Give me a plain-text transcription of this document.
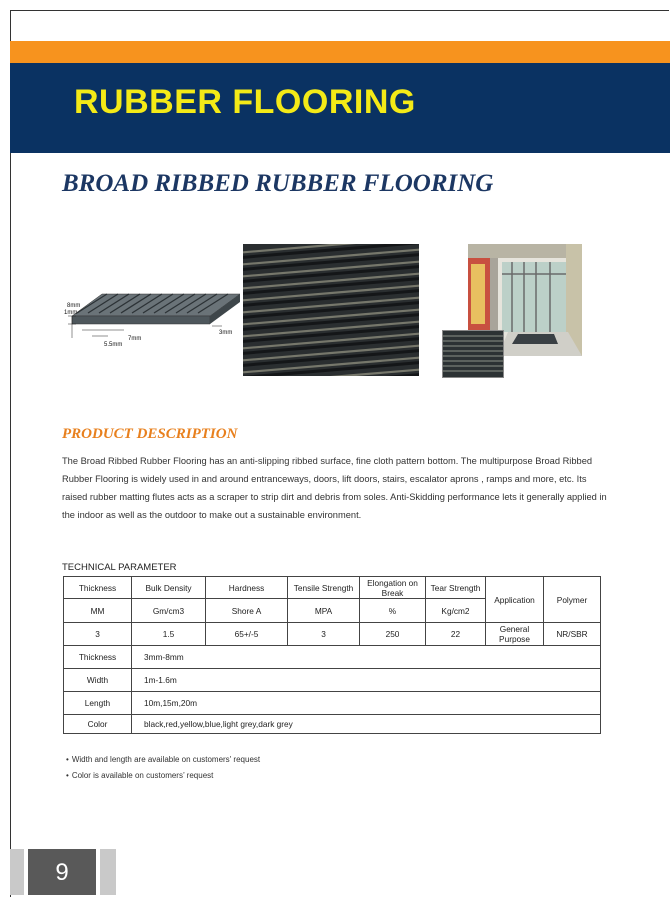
RUBBER FLOORING
BROAD RIBBED RUBBER FLOORING
8mm
1mm
3mm
7mm
5.5mm
PRODUCT DESCRIPTION

The Broad Ribbed Rubber Flooring has an anti-slipping ribbed surface, fine cloth pattern bottom. The multipurpose Broad Ribbed Rubber Flooring is widely used in and around entranceways, doors, lift doors, stairs, escalator aprons , ramps and more, etc. Its raised rubber matting flutes acts as a scraper to strip dirt and debris from soles. Anti-Skidding performance lets it generally applied in the indoor as well as the outdoor to make out a sustainable environment.

TECHNICAL PARAMETER
Thickness	Bulk Density	Hardness	Tensile Strength	Elongation on Break	Tear Strength	Application	Polymer
MM	Gm/cm3	Shore A	MPA	%	Kg/cm2		
3	1.5	65+/-5	3	250	22	General Purpose	NR/SBR
Thickness	3mm-8mm						
Width	1m-1.6m						
Length	10m,15m,20m						
Color	black,red,yellow,blue,light grey,dark grey						
• Width and length are available on customers' request
• Color is available on customers’ request
9
